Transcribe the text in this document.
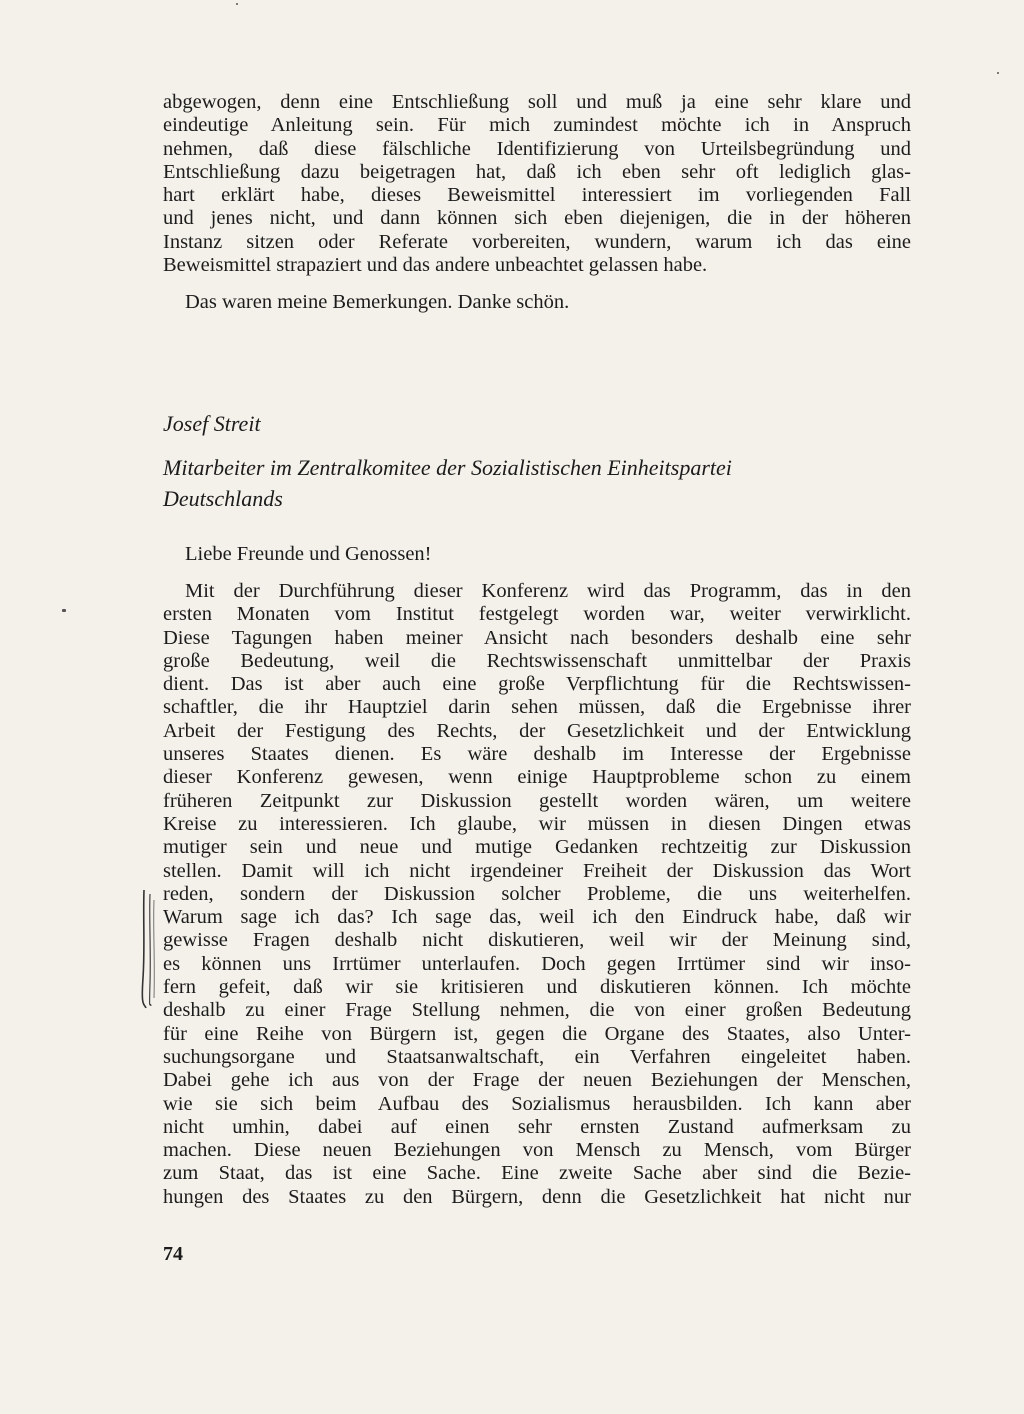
abgewogen, denn eine Entschließung soll und muß ja eine sehr klare und
eindeutige Anleitung sein. Für mich zumindest möchte ich in Anspruch
nehmen, daß diese fälschliche Identifizierung von Urteilsbegründung und
Entschließung dazu beigetragen hat, daß ich eben sehr oft lediglich glas-
hart erklärt habe, dieses Beweismittel interessiert im vorliegenden Fall
und jenes nicht, und dann können sich eben diejenigen, die in der höheren
Instanz sitzen oder Referate vorbereiten, wundern, warum ich das eine
Beweismittel strapaziert und das andere unbeachtet gelassen habe.
Das waren meine Bemerkungen. Danke schön.
Josef Streit
Mitarbeiter im Zentralkomitee der Sozialistischen Einheitspartei
Deutschlands
Liebe Freunde und Genossen!
Mit der Durchführung dieser Konferenz wird das Programm, das in den
ersten Monaten vom Institut festgelegt worden war, weiter verwirklicht.
Diese Tagungen haben meiner Ansicht nach besonders deshalb eine sehr
große Bedeutung, weil die Rechtswissenschaft unmittelbar der Praxis
dient. Das ist aber auch eine große Verpflichtung für die Rechtswissen-
schaftler, die ihr Hauptziel darin sehen müssen, daß die Ergebnisse ihrer
Arbeit der Festigung des Rechts, der Gesetzlichkeit und der Entwicklung
unseres Staates dienen. Es wäre deshalb im Interesse der Ergebnisse
dieser Konferenz gewesen, wenn einige Hauptprobleme schon zu einem
früheren Zeitpunkt zur Diskussion gestellt worden wären, um weitere
Kreise zu interessieren. Ich glaube, wir müssen in diesen Dingen etwas
mutiger sein und neue und mutige Gedanken rechtzeitig zur Diskussion
stellen. Damit will ich nicht irgendeiner Freiheit der Diskussion das Wort
reden, sondern der Diskussion solcher Probleme, die uns weiterhelfen.
Warum sage ich das? Ich sage das, weil ich den Eindruck habe, daß wir
gewisse Fragen deshalb nicht diskutieren, weil wir der Meinung sind,
es können uns Irrtümer unterlaufen. Doch gegen Irrtümer sind wir inso-
fern gefeit, daß wir sie kritisieren und diskutieren können. Ich möchte
deshalb zu einer Frage Stellung nehmen, die von einer großen Bedeutung
für eine Reihe von Bürgern ist, gegen die Organe des Staates, also Unter-
suchungsorgane und Staatsanwaltschaft, ein Verfahren eingeleitet haben.
Dabei gehe ich aus von der Frage der neuen Beziehungen der Menschen,
wie sie sich beim Aufbau des Sozialismus herausbilden. Ich kann aber
nicht umhin, dabei auf einen sehr ernsten Zustand aufmerksam zu
machen. Diese neuen Beziehungen von Mensch zu Mensch, vom Bürger
zum Staat, das ist eine Sache. Eine zweite Sache aber sind die Bezie-
hungen des Staates zu den Bürgern, denn die Gesetzlichkeit hat nicht nur
74
